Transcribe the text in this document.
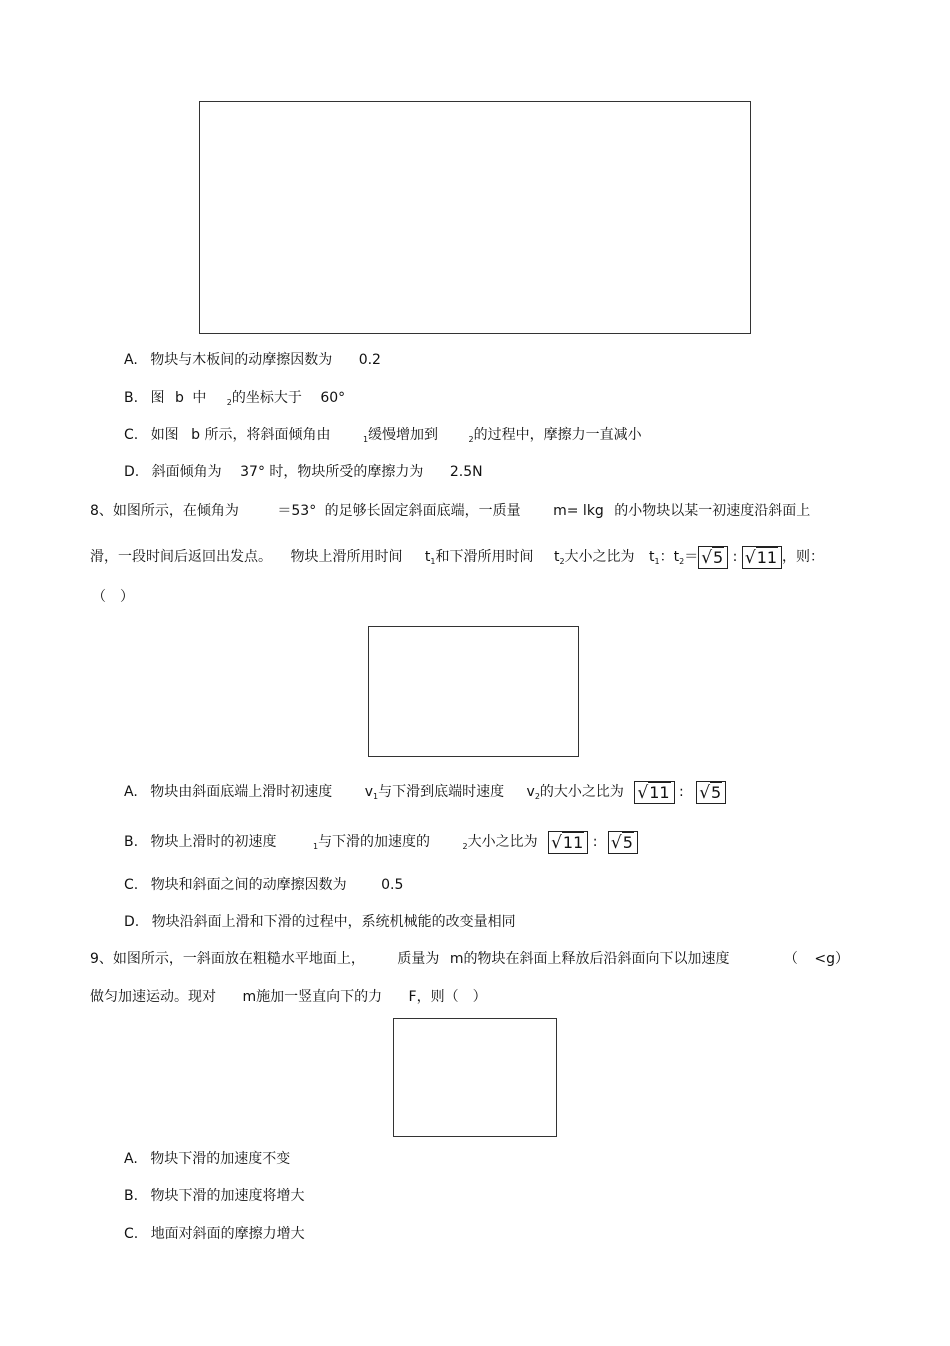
A. 物块与木板间的动摩擦因数为 0.2
B. 图 b 中	$_2$的坐标大于 60°
C. 如图 b 所示，将斜面倾角由	$_1$缓慢增加到	$_2$的过程中，摩擦力一直减小
D. 斜面倾角为 37° 时，物块所受的摩擦力为 2.5N
8、如图所示，在倾角为	＝53° 的足够长固定斜面底端，一质量 m= lkg 的小物块以某一初速度沿斜面上
滑，一段时间后返回出发点。 物块上滑所用时间 $t_1$和下滑所用时间 $t_2$大小之比为 $t_1$：$t_2= √5$ : √11 ，则：
（　）
A. 物块由斜面底端上滑时初速度 $v_1$与下滑到底端时速度 $v_2$的大小之比为 √11 : √5
B. 物块上滑时的初速度	$_1$与下滑的加速度的	$_2$大小之比为 √11 : √5
C. 物块和斜面之间的动摩擦因数为 0.5
D. 物块沿斜面上滑和下滑的过程中，系统机械能的改变量相同
9、如图所示，一斜面放在粗糙水平地面上， 质量为 m的物块在斜面上释放后沿斜面向下以加速度	（ <g）
做匀加速运动。现对 m施加一竖直向下的力 F，则（　）
A. 物块下滑的加速度不变
B. 物块下滑的加速度将增大
C. 地面对斜面的摩擦力增大
